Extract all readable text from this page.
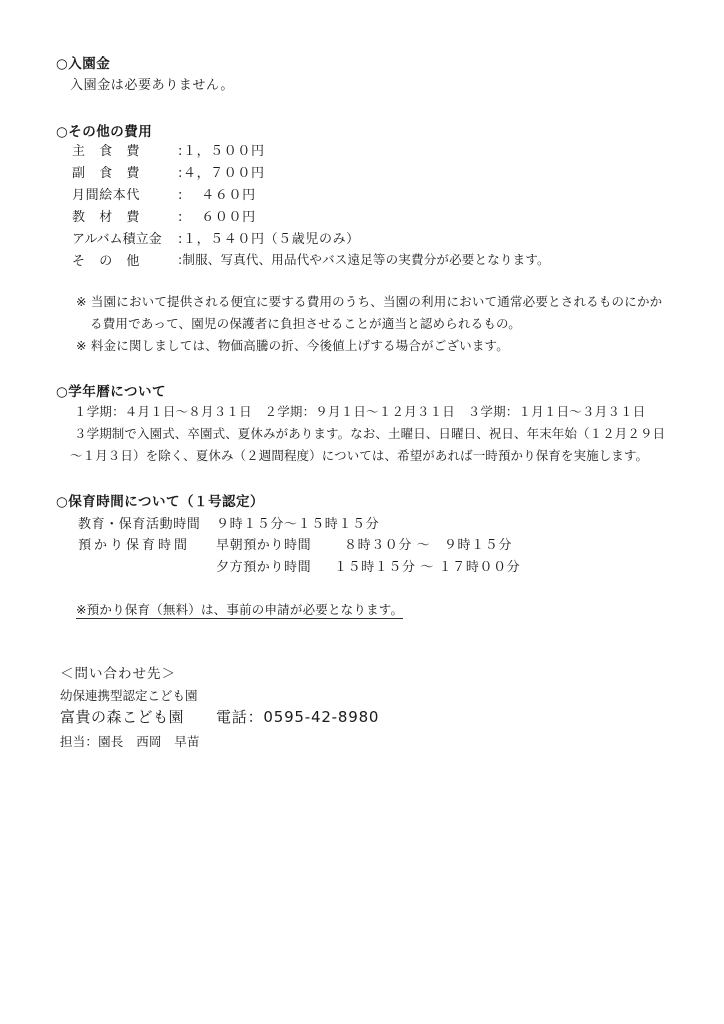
○入園金
入園金は必要ありません。
○その他の費用
主　食　費	:１，５００円
副　食　費	:４，７００円
月間絵本代	:　 ４６０円
教　材　費	:　 ６００円
アルバム積立金	:１，５４０円（５歳児のみ）
そ　の　他	:制服、写真代、用品代やバス遠足等の実費分が必要となります。
※ 当園において提供される便宜に要する費用のうち、当園の利用において通常必要とされるものにかか
る費用であって、園児の保護者に負担させることが適当と認められるもの。
※ 料金に関しましては、物価高騰の折、今後値上げする場合がございます。
○学年暦について
１学期：４月１日～８月３１日　２学期：９月１日～１２月３１日　３学期：１月１日～３月３１日
３学期制で入園式、卒園式、夏休みがあります。なお、土曜日、日曜日、祝日、年末年始（１２月２９日
～１月３日）を除く、夏休み（２週間程度）については、希望があれば一時預かり保育を実施します。
○保育時間について（１号認定）
教育・保育活動時間 ９時１５分～１５時１５分
預かり保育時間 早朝預かり時間	８時３０分 ～　９時１５分
夕方預かり時間 １５時１５分 ～ １７時００分
※預かり保育（無料）は、事前の申請が必要となります。
＜問い合わせ先＞
幼保連携型認定こども園
富貴の森こども園 電話：0595-42-8980
担当：園長　西岡　早苗
